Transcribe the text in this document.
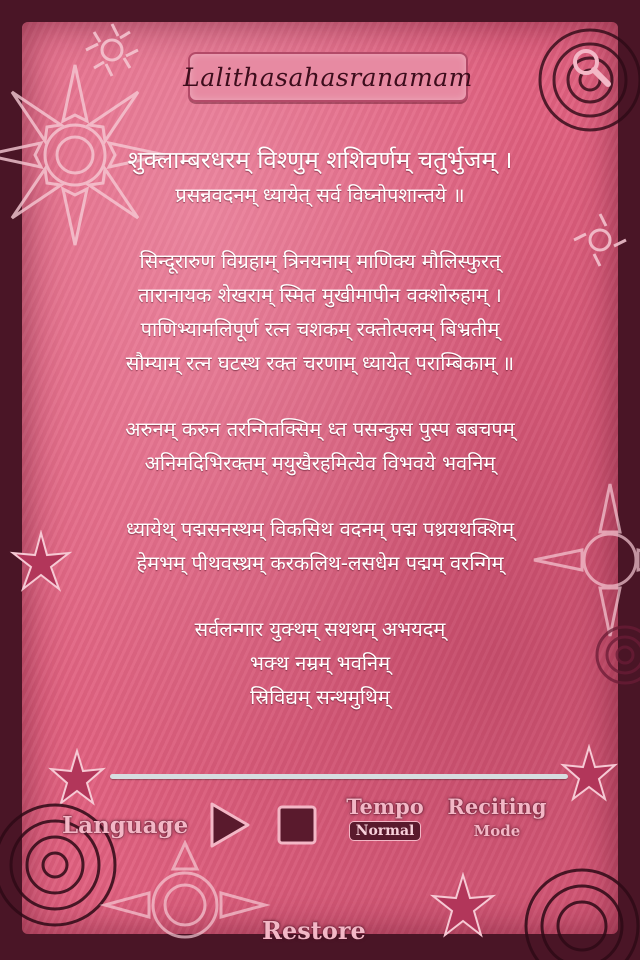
Lalithasahasranamam
शुक्लाम्बरधरम् विश्णुम् शशिवर्णम् चतुर्भुजम् ।
प्रसन्नवदनम् ध्यायेत् सर्व विघ्नोपशान्तये ॥
सिन्दूरारुण विग्रहाम् त्रिनयनाम् माणिक्य मौलिस्फुरत्
तारानायक शेखराम् स्मित मुखीमापीन वक्शोरुहाम् ।
पाणिभ्यामलिपूर्ण रत्न चशकम् रक्तोत्पलम् बिभ्रतीम्
सौम्याम् रत्न घटस्थ रक्त चरणाम् ध्यायेत् पराम्बिकाम् ॥
अरुनम् करुन तरन्गितक्सिम् ध्त पसन्कुस पुस्प बबचपम्
अनिमदिभिरक्तम् मयुखैरहमित्येव विभवये भवनिम्
ध्यायेथ् पद्मसनस्थम् विकसिथ वदनम् पद्म पथ्रयथक्शिम्
हेमभम् पीथवस्थ्रम् करकलिथ-लसधेम पद्मम् वरन्गिम्
सर्वलन्गार युक्थम् सथथम् अभयदम्
भक्थ नम्रम् भवनिम्
स्रिविद्यम् सन्थमुथिम्
Language
Tempo
Normal
Reciting
Mode
Restore
